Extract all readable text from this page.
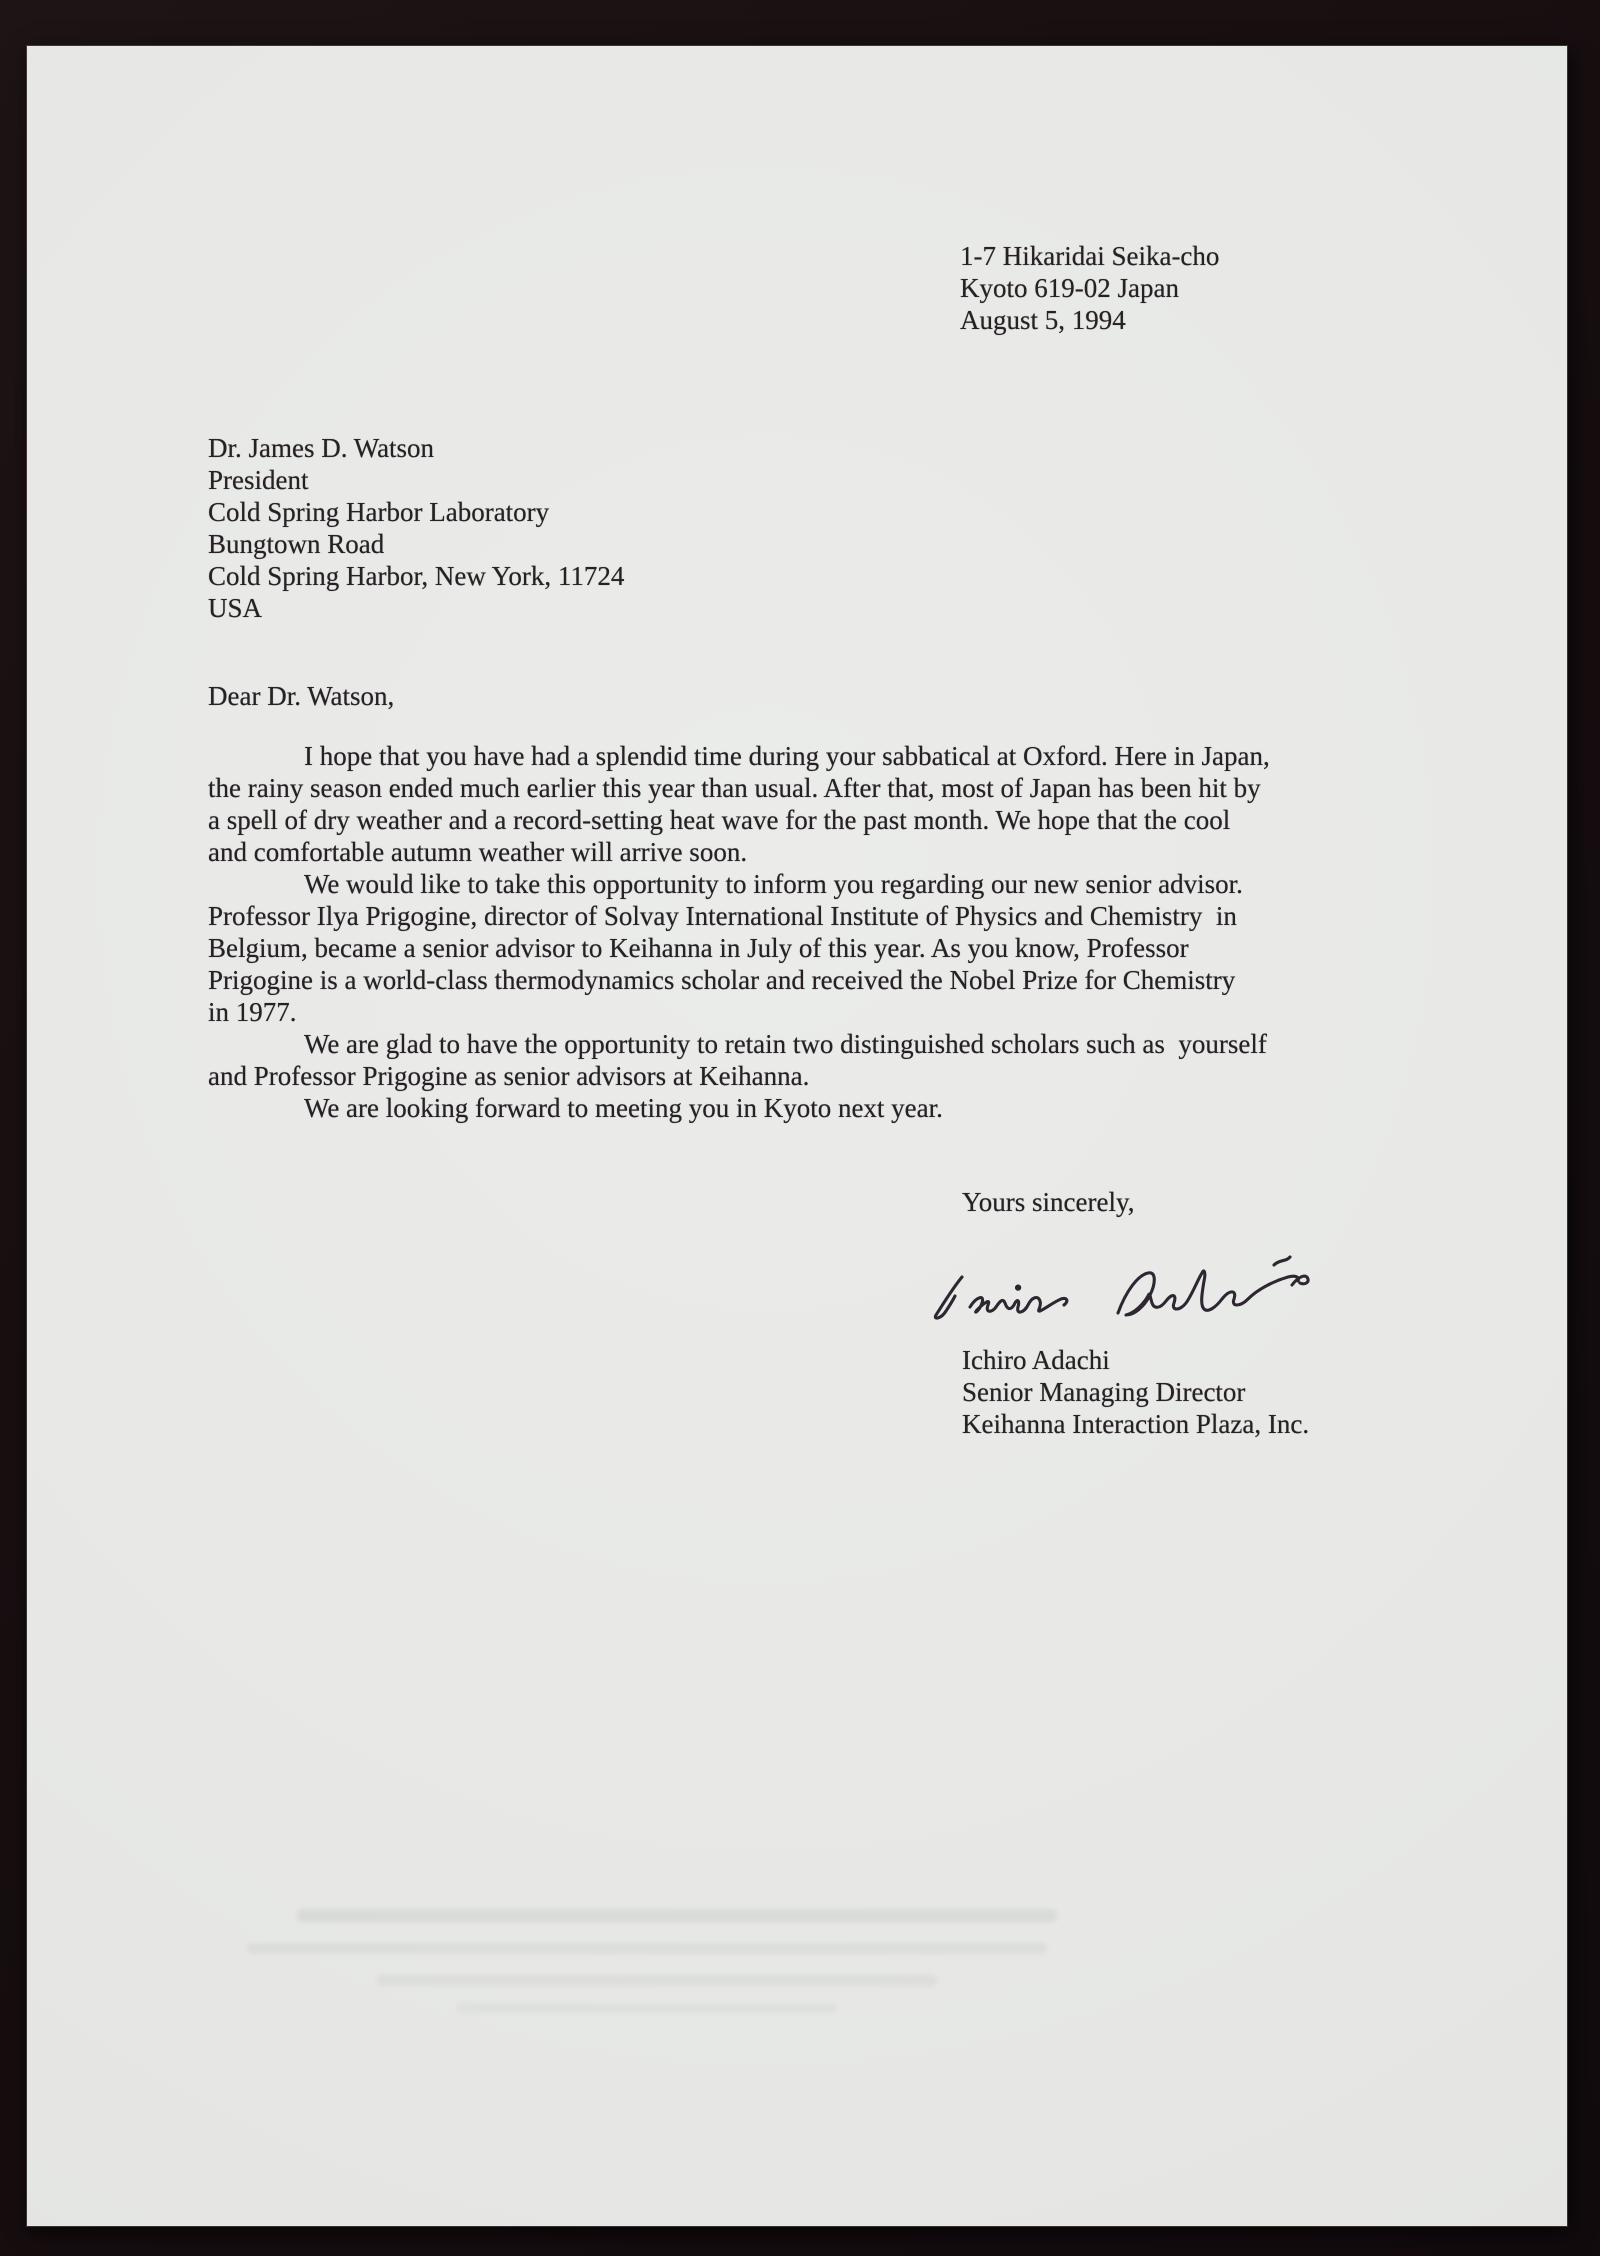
1-7 Hikaridai Seika-cho
Kyoto 619-02 Japan
August 5, 1994
Dr. James D. Watson
President
Cold Spring Harbor Laboratory
Bungtown Road
Cold Spring Harbor, New York, 11724
USA
Dear Dr. Watson,
I hope that you have had a splendid time during your sabbatical at Oxford. Here in Japan,
the rainy season ended much earlier this year than usual. After that, most of Japan has been hit by
a spell of dry weather and a record-setting heat wave for the past month. We hope that the cool
and comfortable autumn weather will arrive soon.
We would like to take this opportunity to inform you regarding our new senior advisor.
Professor Ilya Prigogine, director of Solvay International Institute of Physics and Chemistry  in
Belgium, became a senior advisor to Keihanna in July of this year. As you know, Professor
Prigogine is a world-class thermodynamics scholar and received the Nobel Prize for Chemistry
in 1977.
We are glad to have the opportunity to retain two distinguished scholars such as  yourself
and Professor Prigogine as senior advisors at Keihanna.
We are looking forward to meeting you in Kyoto next year.
Yours sincerely,
Ichiro Adachi
Senior Managing Director
Keihanna Interaction Plaza, Inc.
